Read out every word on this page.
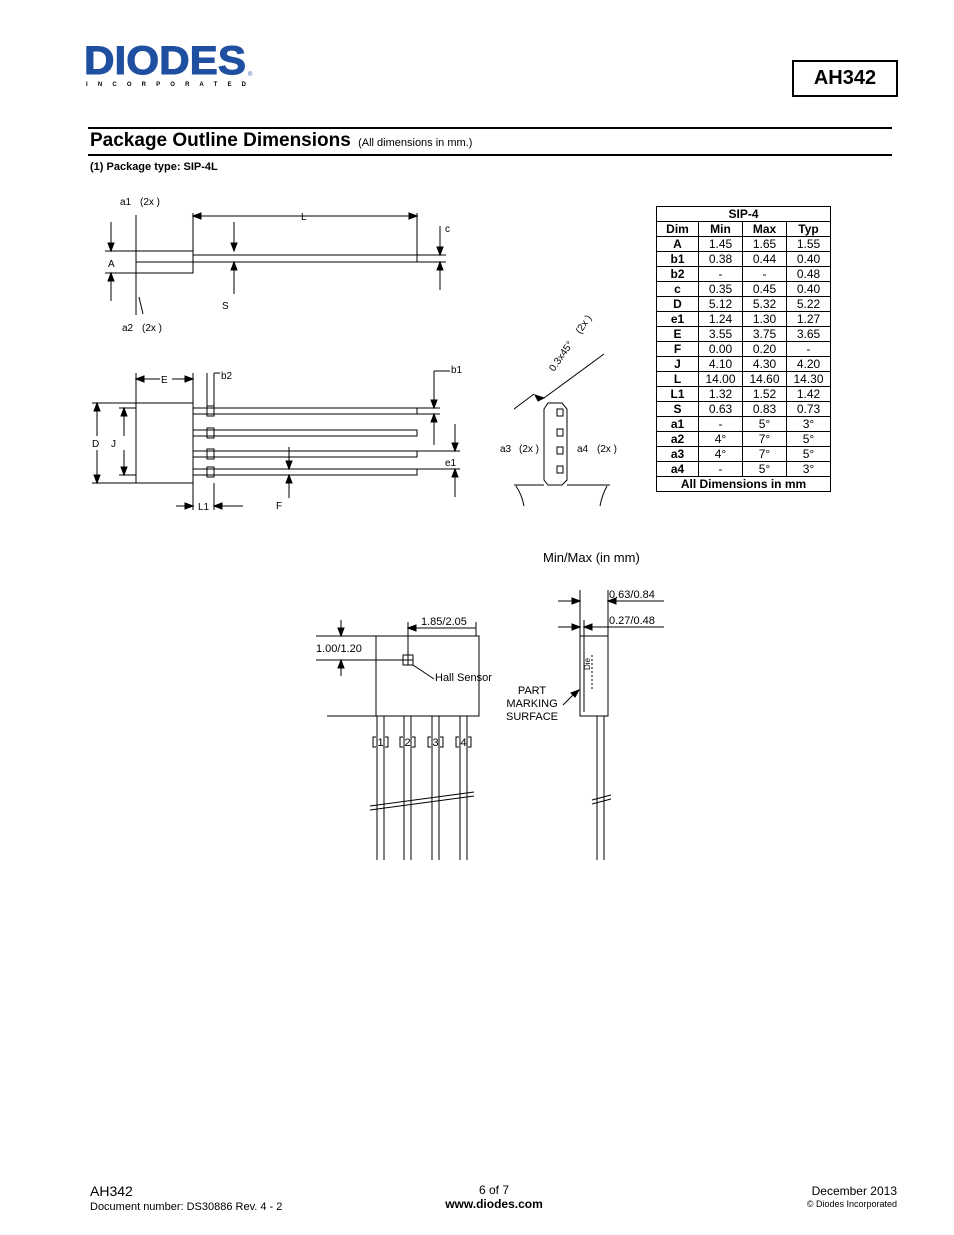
DIODES
I N C O R P O R A T E D
®	AH342
Package Outline Dimensions (All dimensions in mm.)
(1) Package type: SIP-4L
SIP-4			
Dim	Min	Max	Typ
A	1.45	1.65	1.55
b1	0.38	0.44	0.40
b2	-	-	0.48
c	0.35	0.45	0.40
D	5.12	5.32	5.22
e1	1.24	1.30	1.27
E	3.55	3.75	3.65
F	0.00	0.20	-
J	4.10	4.30	4.20
L	14.00	14.60	14.30
L1	1.32	1.52	1.42
S	0.63	0.83	0.73
a1	-	5°	3°
a2	4°	7°	5°
a3	4°	7°	5°
a4	-	5°	3°
All Dimensions in mm			
a1 (2x )
A
L
c
S
a2 (2x )
E	b2
b1
D J
e1
L1	F
0.3x45°
(2x )
a3 (2x )	a4 (2x )
Min/Max (in mm)
1.85/2.05
1.00/1.20
Hall Sensor
0.63/0.84
0.27/0.48
Die
PART
MARKING
SURFACE
1 2 3 4
AH342
Document number: DS30886 Rev. 4 - 2
6 of 7
www.diodes.com
December 2013
© Diodes Incorporated
